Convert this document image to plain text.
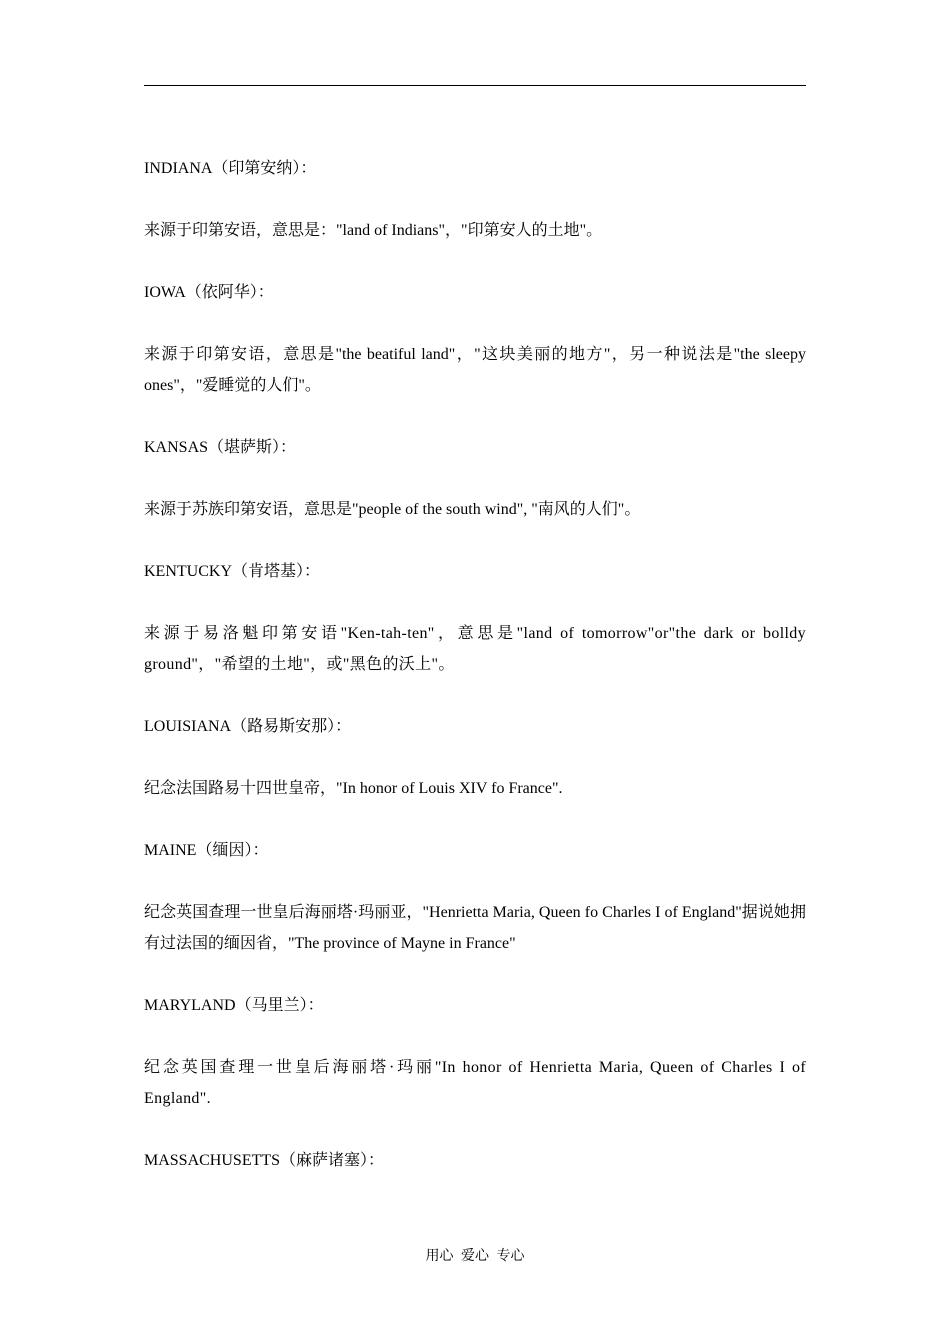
INDIANA（印第安纳）：

来源于印第安语，意思是："land of Indians"，"印第安人的土地"。

IOWA（依阿华）：

来源于印第安语，意思是"the beatiful land"，"这块美丽的地方"，另一种说法是"the sleepy ones"，"爱睡觉的人们"。

KANSAS（堪萨斯）：

来源于苏族印第安语，意思是"people of the south wind", "南风的人们"。

KENTUCKY（肯塔基）：

来源于易洛魁印第安语"Ken-tah-ten"，意思是"land of tomorrow"or"the dark or bolldy ground"，"希望的土地"，或"黑色的沃上"。

LOUISIANA（路易斯安那）：

纪念法国路易十四世皇帝，"In honor of Louis XIV fo France".

MAINE（缅因）：

纪念英国查理一世皇后海丽塔·玛丽亚，"Henrietta Maria, Queen fo Charles I of England"据说她拥有过法国的缅因省，"The province of Mayne in France"

MARYLAND（马里兰）：

纪念英国查理一世皇后海丽塔·玛丽"In honor of Henrietta Maria, Queen of Charles I of England".

MASSACHUSETTS（麻萨诸塞）：

用心 爱心 专心
